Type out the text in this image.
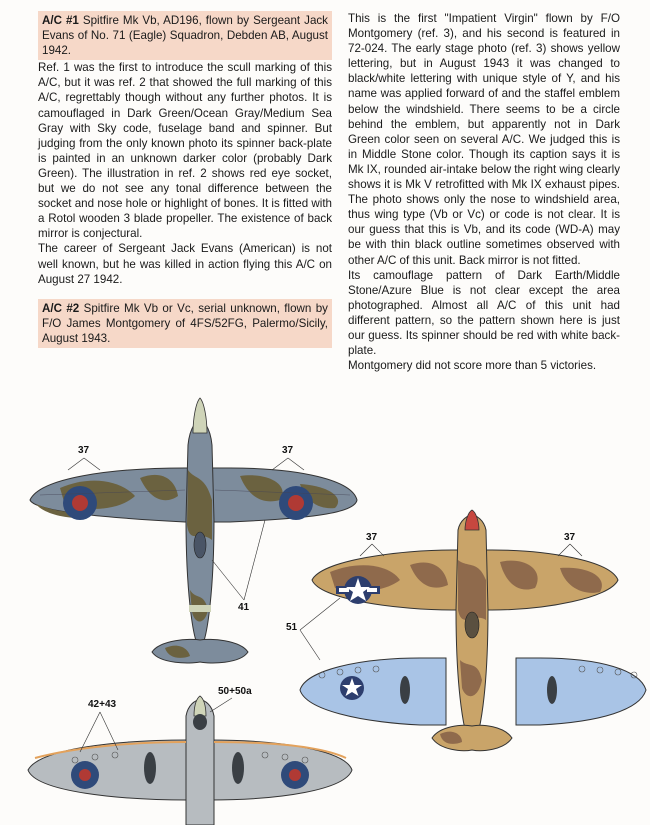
A/C #1 Spitfire Mk Vb, AD196, flown by Sergeant Jack Evans of No. 71 (Eagle) Squadron, Debden AB, August 1942.

Ref. 1 was the first to introduce the scull marking of this A/C, but it was ref. 2 that showed the full marking of this A/C, regrettably though without any further photos. It is camouflaged in Dark Green/Ocean Gray/Medium Sea Gray with Sky code, fuselage band and spinner. But judging from the only known photo its spinner back-plate is painted in an unknown darker color (probably Dark Green). The illustration in ref. 2 shows red eye socket, but we do not see any tonal difference between the socket and nose hole or highlight of bones. It is fitted with a Rotol wooden 3 blade propeller. The existence of back mirror is conjectural.

The career of Sergeant Jack Evans (American) is not well known, but he was killed in action flying this A/C on August 27 1942.

A/C #2 Spitfire Mk Vb or Vc, serial unknown, flown by F/O James Montgomery of 4FS/52FG, Palermo/Sicily, August 1943.

This is the first "Impatient Virgin" flown by F/O Montgomery (ref. 3), and his second is featured in 72-024. The early stage photo (ref. 3) shows yellow lettering, but in August 1943 it was changed to black/white lettering with unique style of Y, and his name was applied forward of and the staffel emblem below the windshield. There seems to be a circle behind the emblem, but apparently not in Dark Green color seen on several A/C. We judged this is in Middle Stone color. Though its caption says it is Mk IX, rounded air-intake below the right wing clearly shows it is Mk V retrofitted with Mk IX exhaust pipes. The photo shows only the nose to windshield area, thus wing type (Vb or Vc) or code is not clear. It is our guess that this is Vb, and its code (WD-A) may be with thin black outline sometimes observed with other A/C of this unit. Back mirror is not fitted.

Its camouflage pattern of Dark Earth/Middle Stone/Azure Blue is not clear except the area photographed. Almost all A/C of this unit had different pattern, so the pattern shown here is just our guess. Its spinner should be red with white back-plate.

Montgomery did not score more than 5 victories.

37	37
41
37	37
51
42+43
50+50a
